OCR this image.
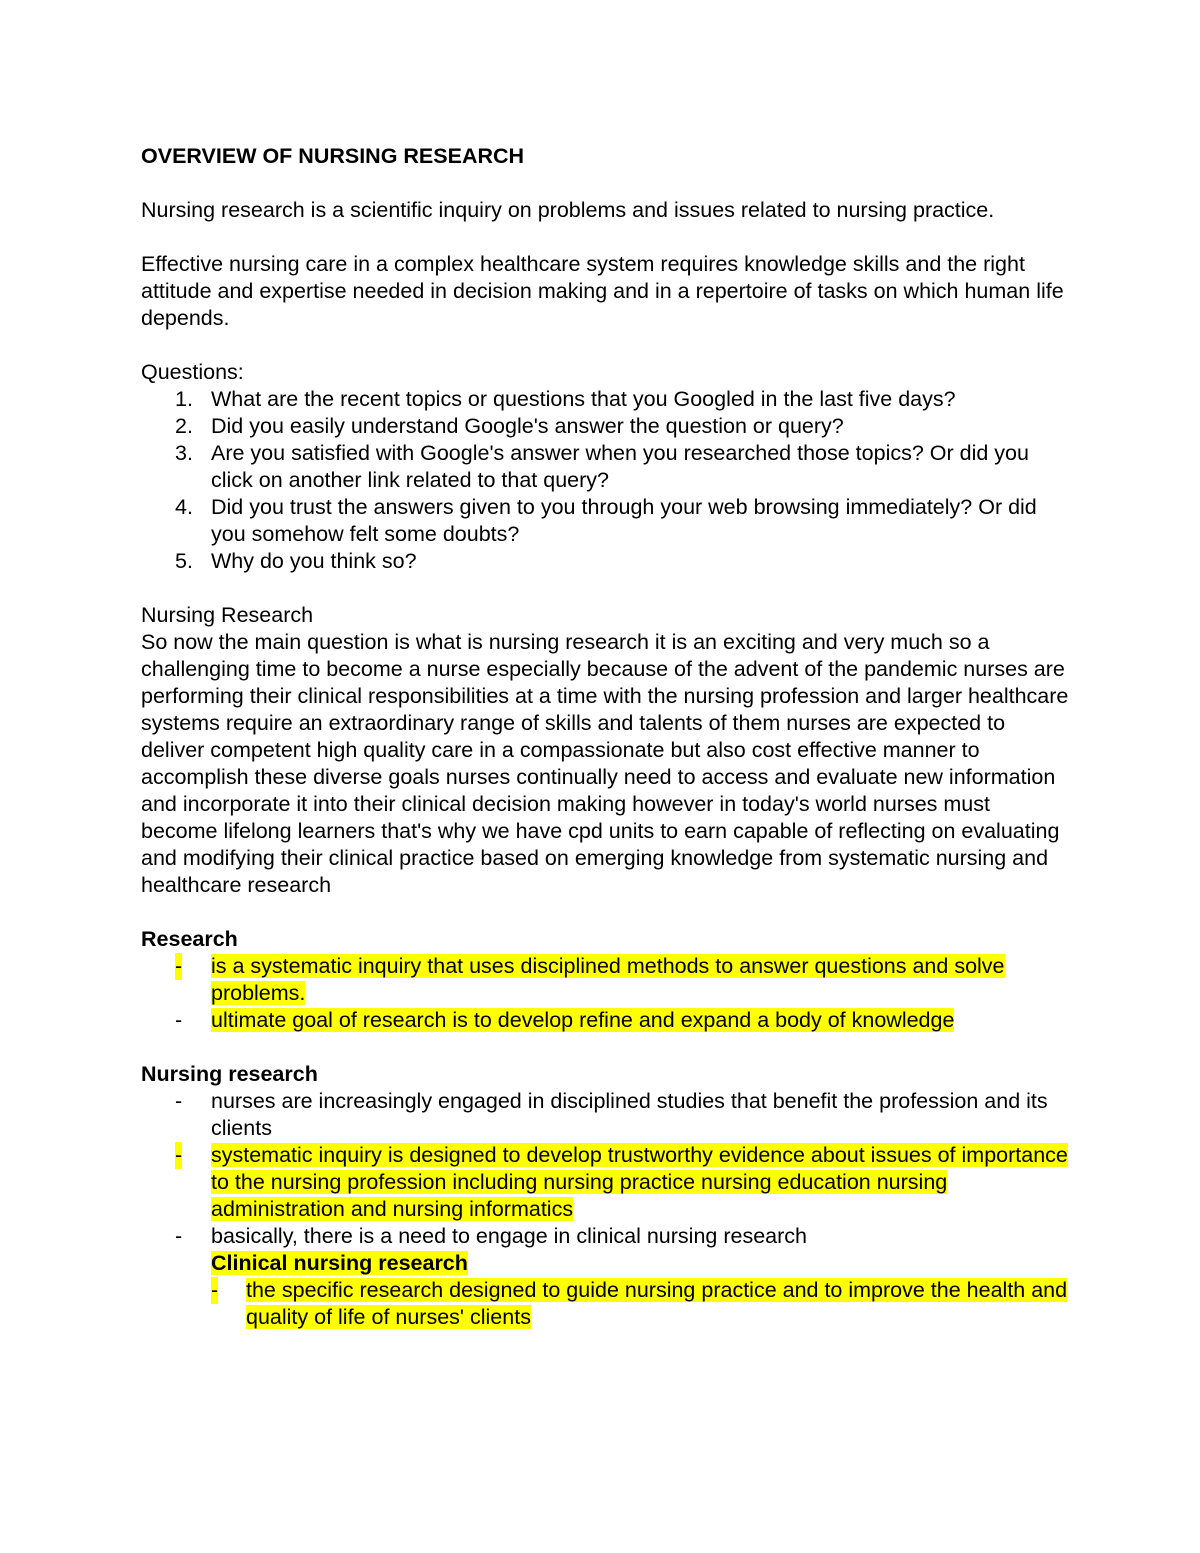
OVERVIEW OF NURSING RESEARCH

Nursing research is a scientific inquiry on problems and issues related to nursing practice.

Effective nursing care in a complex healthcare system requires knowledge skills and the right attitude and expertise needed in decision making and in a repertoire of tasks on which human life depends.

Questions:
1. What are the recent topics or questions that you Googled in the last five days?
2. Did you easily understand Google's answer the question or query?
3. Are you satisfied with Google's answer when you researched those topics? Or did you click on another link related to that query?
4. Did you trust the answers given to you through your web browsing immediately? Or did you somehow felt some doubts?
5. Why do you think so?
Nursing Research
So now the main question is what is nursing research it is an exciting and very much so a challenging time to become a nurse especially because of the advent of the pandemic nurses are performing their clinical responsibilities at a time with the nursing profession and larger healthcare systems require an extraordinary range of skills and talents of them nurses are expected to deliver competent high quality care in a compassionate but also cost effective manner to accomplish these diverse goals nurses continually need to access and evaluate new information and incorporate it into their clinical decision making however in today's world nurses must become lifelong learners that's why we have cpd units to earn capable of reflecting on evaluating and modifying their clinical practice based on emerging knowledge from systematic nursing and healthcare research
Research
- is a systematic inquiry that uses disciplined methods to answer questions and solve problems.
- ultimate goal of research is to develop refine and expand a body of knowledge
Nursing research
- nurses are increasingly engaged in disciplined studies that benefit the profession and its clients
- systematic inquiry is designed to develop trustworthy evidence about issues of importance to the nursing profession including nursing practice nursing education nursing administration and nursing informatics
- basically, there is a need to engage in clinical nursing research
Clinical nursing research
- the specific research designed to guide nursing practice and to improve the health and quality of life of nurses' clients
